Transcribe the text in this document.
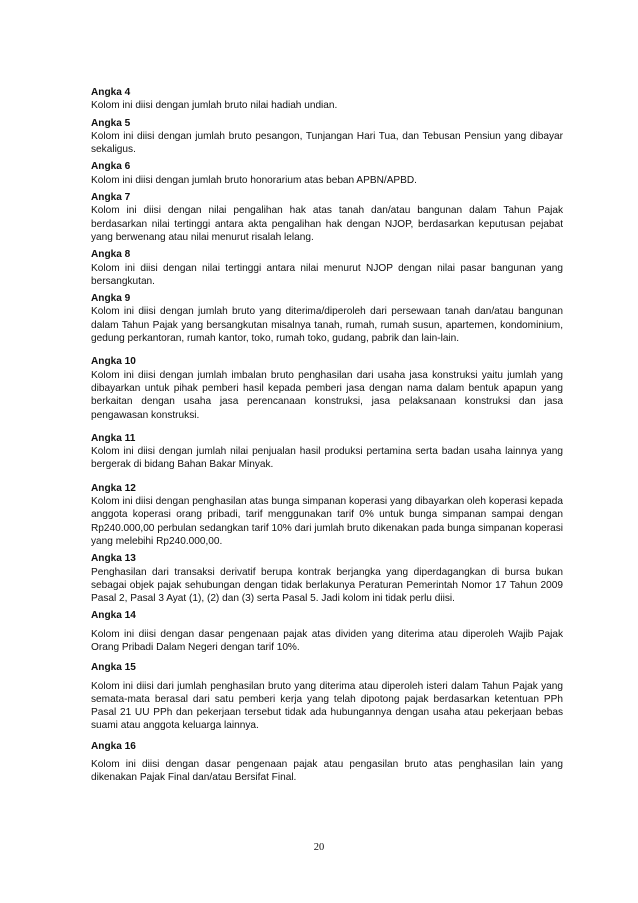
Angka 4

Kolom ini diisi dengan jumlah bruto nilai hadiah undian.

Angka 5

Kolom ini diisi dengan jumlah bruto pesangon, Tunjangan Hari Tua, dan Tebusan Pensiun yang dibayar sekaligus.

Angka 6

Kolom ini diisi dengan jumlah bruto honorarium atas beban APBN/APBD.

Angka 7

Kolom ini diisi dengan nilai pengalihan hak atas tanah dan/atau bangunan dalam Tahun Pajak berdasarkan nilai tertinggi antara akta pengalihan hak dengan NJOP, berdasarkan keputusan pejabat yang berwenang atau nilai menurut risalah lelang.

Angka 8

Kolom ini diisi dengan nilai tertinggi antara nilai menurut NJOP dengan nilai pasar bangunan yang bersangkutan.

Angka 9

Kolom ini diisi dengan jumlah bruto yang diterima/diperoleh dari persewaan tanah dan/atau bangunan dalam Tahun Pajak yang bersangkutan misalnya tanah, rumah, rumah susun, apartemen, kondominium, gedung perkantoran, rumah kantor, toko, rumah toko, gudang, pabrik dan lain-lain.

Angka 10

Kolom ini diisi dengan jumlah imbalan bruto penghasilan dari usaha jasa konstruksi yaitu jumlah yang dibayarkan untuk pihak pemberi hasil kepada pemberi jasa dengan nama dalam bentuk apapun yang berkaitan dengan usaha jasa perencanaan konstruksi, jasa pelaksanaan konstruksi dan jasa pengawasan konstruksi.

Angka 11

Kolom ini diisi dengan jumlah nilai penjualan hasil produksi pertamina serta badan usaha lainnya yang bergerak di bidang Bahan Bakar Minyak.

Angka 12

Kolom ini diisi dengan penghasilan atas bunga simpanan koperasi yang dibayarkan oleh koperasi kepada anggota koperasi orang pribadi, tarif menggunakan tarif 0% untuk bunga simpanan sampai dengan Rp240.000,00 perbulan sedangkan tarif 10% dari jumlah bruto dikenakan pada bunga simpanan koperasi yang melebihi Rp240.000,00.

Angka 13

Penghasilan dari transaksi derivatif berupa kontrak berjangka yang diperdagangkan di bursa bukan sebagai objek pajak sehubungan dengan tidak berlakunya Peraturan Pemerintah Nomor 17 Tahun 2009 Pasal 2, Pasal 3 Ayat (1), (2) dan (3) serta Pasal 5. Jadi kolom ini tidak perlu diisi.

Angka 14

Kolom ini diisi dengan dasar pengenaan pajak atas dividen yang diterima atau diperoleh Wajib Pajak Orang Pribadi Dalam Negeri dengan tarif 10%.

Angka 15

Kolom ini diisi dari jumlah penghasilan bruto yang diterima atau diperoleh isteri dalam Tahun Pajak yang semata-mata berasal dari satu pemberi kerja yang telah dipotong pajak berdasarkan ketentuan PPh Pasal 21 UU PPh dan pekerjaan tersebut tidak ada hubungannya dengan usaha atau pekerjaan bebas suami atau anggota keluarga lainnya.

Angka 16

Kolom ini diisi dengan dasar pengenaan pajak atau pengasilan bruto atas penghasilan lain yang dikenakan Pajak Final dan/atau Bersifat Final.

20
